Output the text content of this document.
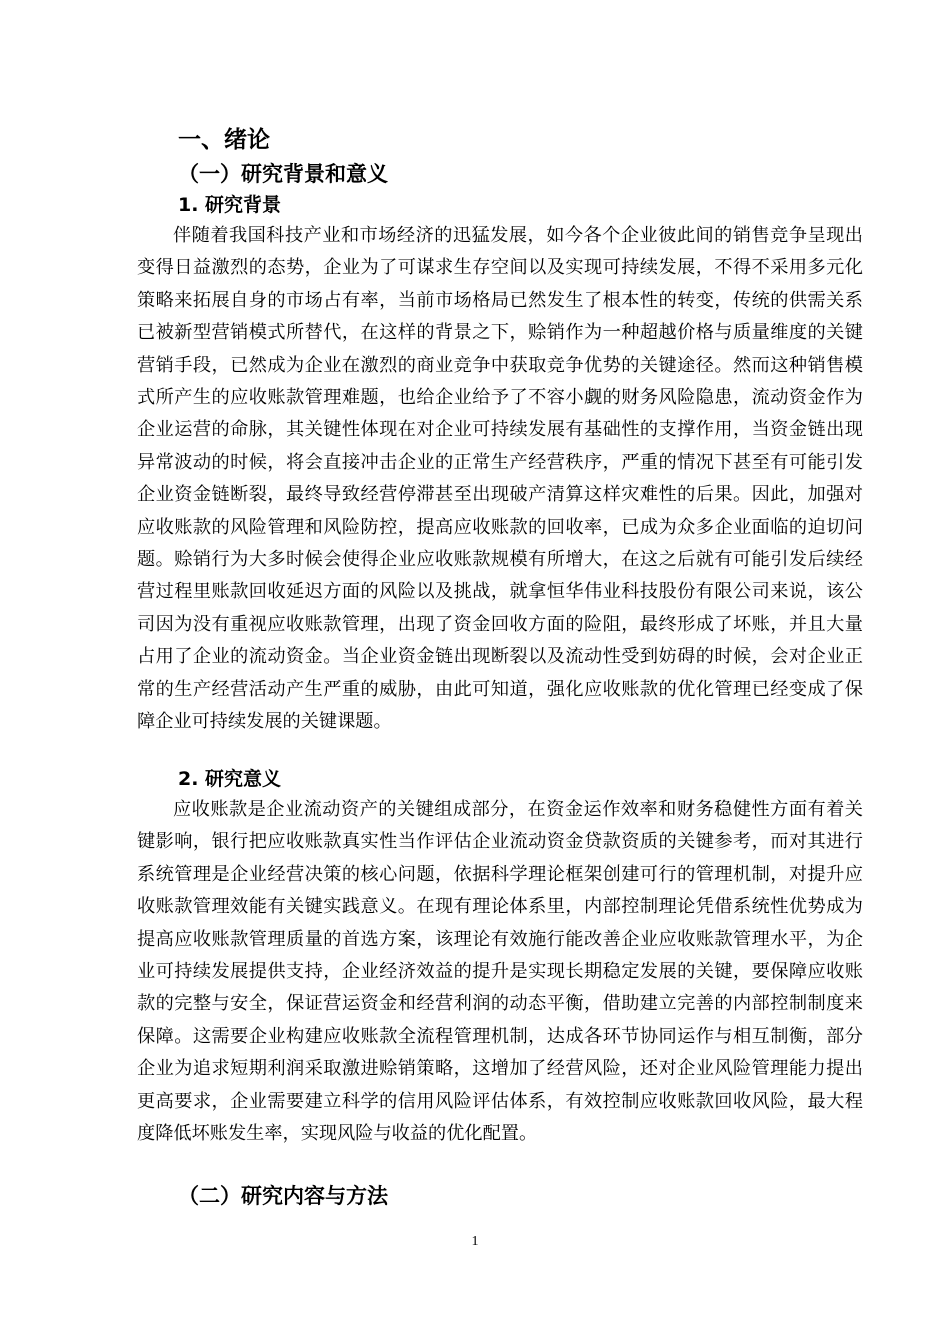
一、绪论
（一）研究背景和意义
1. 研究背景

伴随着我国科技产业和市场经济的迅猛发展，如今各个企业彼此间的销售竞争呈现出变得日益激烈的态势，企业为了可谋求生存空间以及实现可持续发展，不得不采用多元化策略来拓展自身的市场占有率，当前市场格局已然发生了根本性的转变，传统的供需关系已被新型营销模式所替代，在这样的背景之下，赊销作为一种超越价格与质量维度的关键营销手段，已然成为企业在激烈的商业竞争中获取竞争优势的关键途径。然而这种销售模式所产生的应收账款管理难题，也给企业给予了不容小觑的财务风险隐患，流动资金作为企业运营的命脉，其关键性体现在对企业可持续发展有基础性的支撑作用，当资金链出现异常波动的时候，将会直接冲击企业的正常生产经营秩序，严重的情况下甚至有可能引发企业资金链断裂，最终导致经营停滞甚至出现破产清算这样灾难性的后果。因此，加强对应收账款的风险管理和风险防控，提高应收账款的回收率，已成为众多企业面临的迫切问题。赊销行为大多时候会使得企业应收账款规模有所增大，在这之后就有可能引发后续经营过程里账款回收延迟方面的风险以及挑战，就拿恒华伟业科技股份有限公司来说，该公司因为没有重视应收账款管理，出现了资金回收方面的险阻，最终形成了坏账，并且大量占用了企业的流动资金。当企业资金链出现断裂以及流动性受到妨碍的时候，会对企业正常的生产经营活动产生严重的威胁，由此可知道，强化应收账款的优化管理已经变成了保障企业可持续发展的关键课题。

2. 研究意义

应收账款是企业流动资产的关键组成部分，在资金运作效率和财务稳健性方面有着关键影响，银行把应收账款真实性当作评估企业流动资金贷款资质的关键参考，而对其进行系统管理是企业经营决策的核心问题，依据科学理论框架创建可行的管理机制，对提升应收账款管理效能有关键实践意义。在现有理论体系里，内部控制理论凭借系统性优势成为提高应收账款管理质量的首选方案，该理论有效施行能改善企业应收账款管理水平，为企业可持续发展提供支持，企业经济效益的提升是实现长期稳定发展的关键，要保障应收账款的完整与安全，保证营运资金和经营利润的动态平衡，借助建立完善的内部控制制度来保障。这需要企业构建应收账款全流程管理机制，达成各环节协同运作与相互制衡，部分企业为追求短期利润采取激进赊销策略，这增加了经营风险，还对企业风险管理能力提出更高要求，企业需要建立科学的信用风险评估体系，有效控制应收账款回收风险，最大程度降低坏账发生率，实现风险与收益的优化配置。

（二）研究内容与方法
1
